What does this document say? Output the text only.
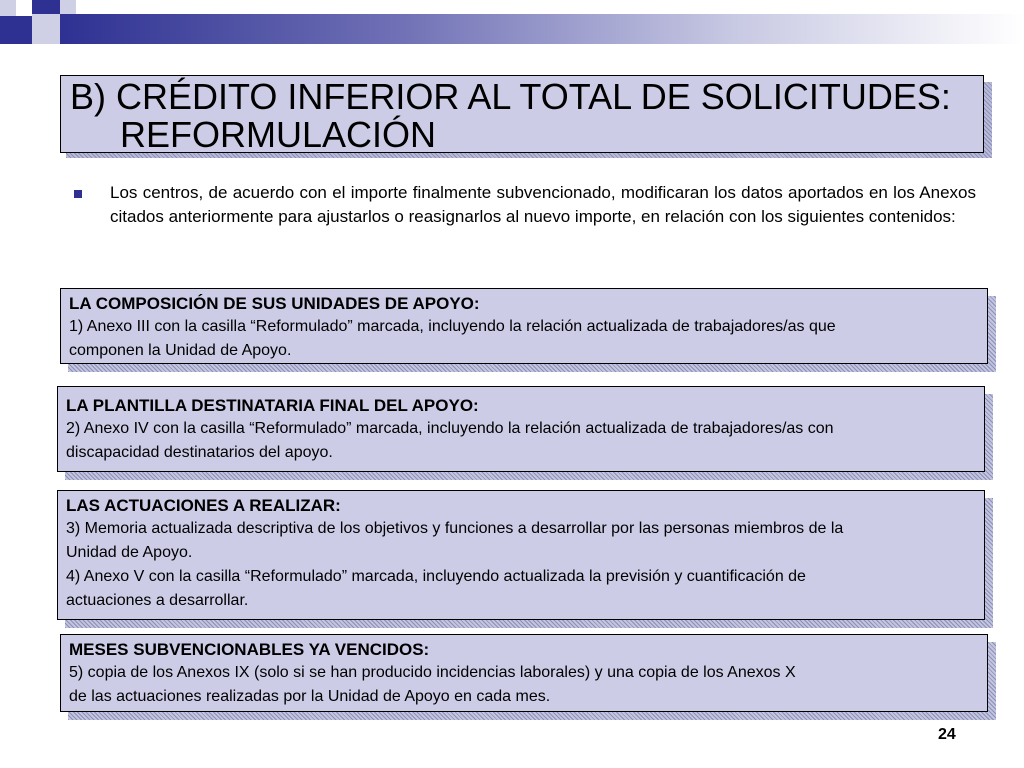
B) CRÉDITO INFERIOR AL TOTAL DE SOLICITUDES:
REFORMULACIÓN
Los centros, de acuerdo con el importe finalmente subvencionado, modificaran los datos aportados en los Anexos citados anteriormente para ajustarlos o reasignarlos al nuevo importe, en relación con los siguientes contenidos:
LA COMPOSICIÓN DE SUS UNIDADES DE APOYO:
1) Anexo III con la casilla “Reformulado” marcada, incluyendo la relación actualizada de trabajadores/as que
componen la Unidad de Apoyo.
LA PLANTILLA DESTINATARIA FINAL DEL APOYO:
2) Anexo IV con la casilla “Reformulado” marcada, incluyendo la relación actualizada de trabajadores/as con
discapacidad destinatarios del apoyo.
LAS ACTUACIONES A REALIZAR:
3) Memoria actualizada descriptiva de los objetivos y funciones a desarrollar por las personas miembros de la
Unidad de Apoyo.
4) Anexo V con la casilla “Reformulado” marcada, incluyendo actualizada la previsión y cuantificación de
actuaciones a desarrollar.
MESES SUBVENCIONABLES YA VENCIDOS:
5) copia de los Anexos IX (solo si se han producido incidencias laborales) y una copia de los Anexos X
de las actuaciones realizadas por la Unidad de Apoyo en cada mes.
24
